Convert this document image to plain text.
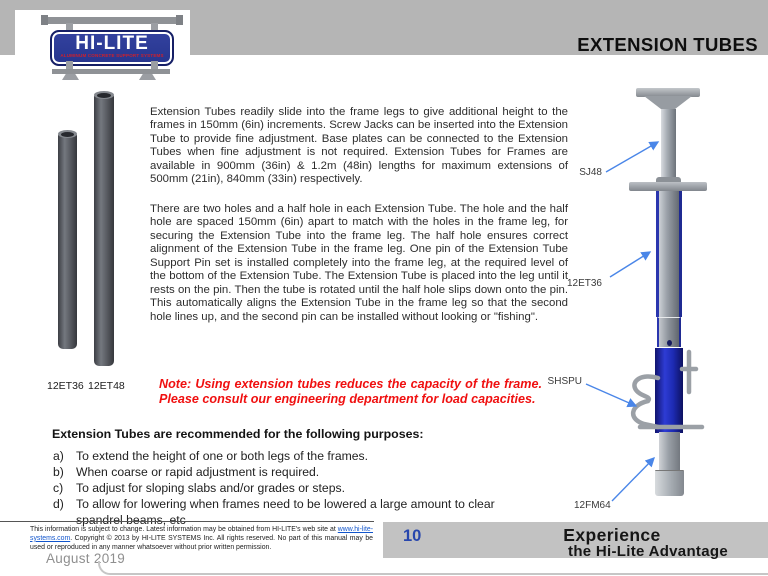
HI-LITE
ALUMINUM CONCRETE SUPPORT SYSTEMS
EXTENSION TUBES
Extension Tubes readily slide into the frame legs to give additional height to the frames in 150mm (6in) increments. Screw Jacks can be inserted into the Extension Tube to provide fine adjustment. Base plates can be connected to the Extension Tubes when fine adjustment is not required. Extension Tubes for Frames are available in 900mm (36in) & 1.2m (48in) lengths for maximum extensions of 500mm (21in), 840mm (33in) respectively.
There are two holes and a half hole in each Extension Tube. The hole and the half hole are spaced 150mm (6in) apart to match with the holes in the frame leg, for securing the Extension Tube into the frame leg. The half hole ensures correct alignment of the Extension Tube in the frame leg. One pin of the Extension Tube Support Pin set is installed completely into the frame leg, at the required level of the bottom of the Extension Tube. The Extension Tube is placed into the leg until it rests on the pin. Then the tube is rotated until the half hole slips down onto the pin. This automatically aligns the Extension Tube in the frame leg so that the second hole lines up, and the second pin can be installed without looking or "fishing".
Note: Using extension tubes reduces the capacity of the frame.
Please consult our engineering department for load capacities.
Extension Tubes are recommended for the following purposes:
a) To extend the height of one or both legs of the frames.
b) When coarse or rapid adjustment is required.
c)	To adjust for sloping slabs and/or grades or steps.
d) To allow for lowering when frames need to be lowered a large amount to clear spandrel beams, etc
12ET36 12ET48
SJ48
12ET36
SHSPU
12FM64
This information is subject to change. Latest information may be obtained from HI-LITE's web site at www.hi-lite-systems.com. Copyright © 2013 by HI-LITE SYSTEMS Inc. All rights reserved. No part of this manual may be used or reproduced in any manner whatsoever without prior written permission.
10	Experience
the Hi-Lite Advantage
August 2019
